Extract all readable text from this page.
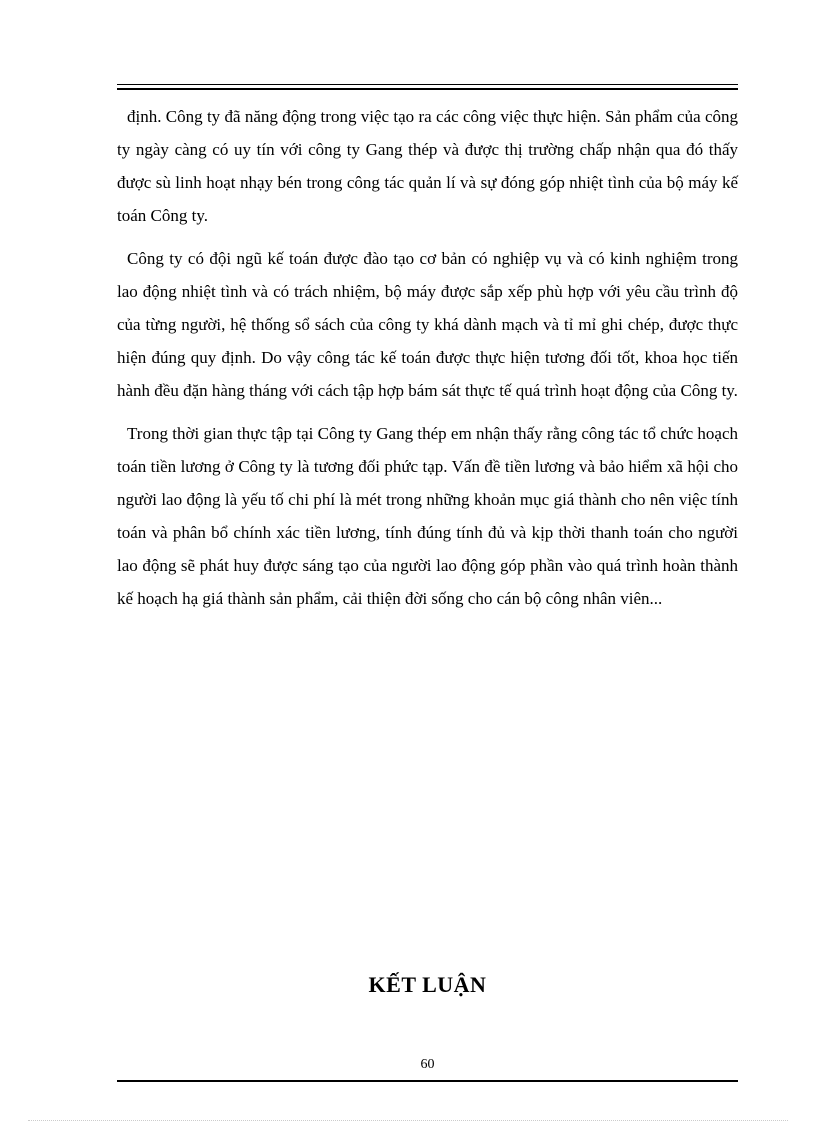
định. Công ty đã năng động trong việc tạo ra các công việc thực hiện. Sản phẩm của công ty ngày càng có uy tín với công ty Gang thép và được thị trường chấp nhận qua đó thấy được sù linh hoạt nhạy bén trong công tác quản lí và sự đóng góp nhiệt tình của bộ máy kế toán Công ty.

Công ty có đội ngũ kế toán được đào tạo cơ bản có nghiệp vụ và có kinh nghiệm trong lao động nhiệt tình và có trách nhiệm, bộ máy được sắp xếp phù hợp với yêu cầu trình độ của từng người, hệ thống sổ sách của công ty khá dành mạch và tỉ mỉ ghi chép, được thực hiện đúng quy định. Do vậy công tác kế toán được thực hiện tương đối tốt, khoa học tiến hành đều đặn hàng tháng với cách tập hợp bám sát thực tế quá trình hoạt động của Công ty.

Trong thời gian thực tập tại Công ty Gang thép em nhận thấy rằng công tác tổ chức hoạch toán tiền lương ở Công ty là tương đối phức tạp. Vấn đề tiền lương và bảo hiểm xã hội cho người lao động là yếu tố chi phí là mét trong những khoản mục giá thành cho nên việc tính toán và phân bổ chính xác tiền lương, tính đúng tính đủ và kịp thời thanh toán cho người lao động sẽ phát huy được sáng tạo của người lao động góp phần vào quá trình hoàn thành kế hoạch hạ giá thành sản phẩm, cải thiện đời sống cho cán bộ công nhân viên...

KẾT LUẬN
60
